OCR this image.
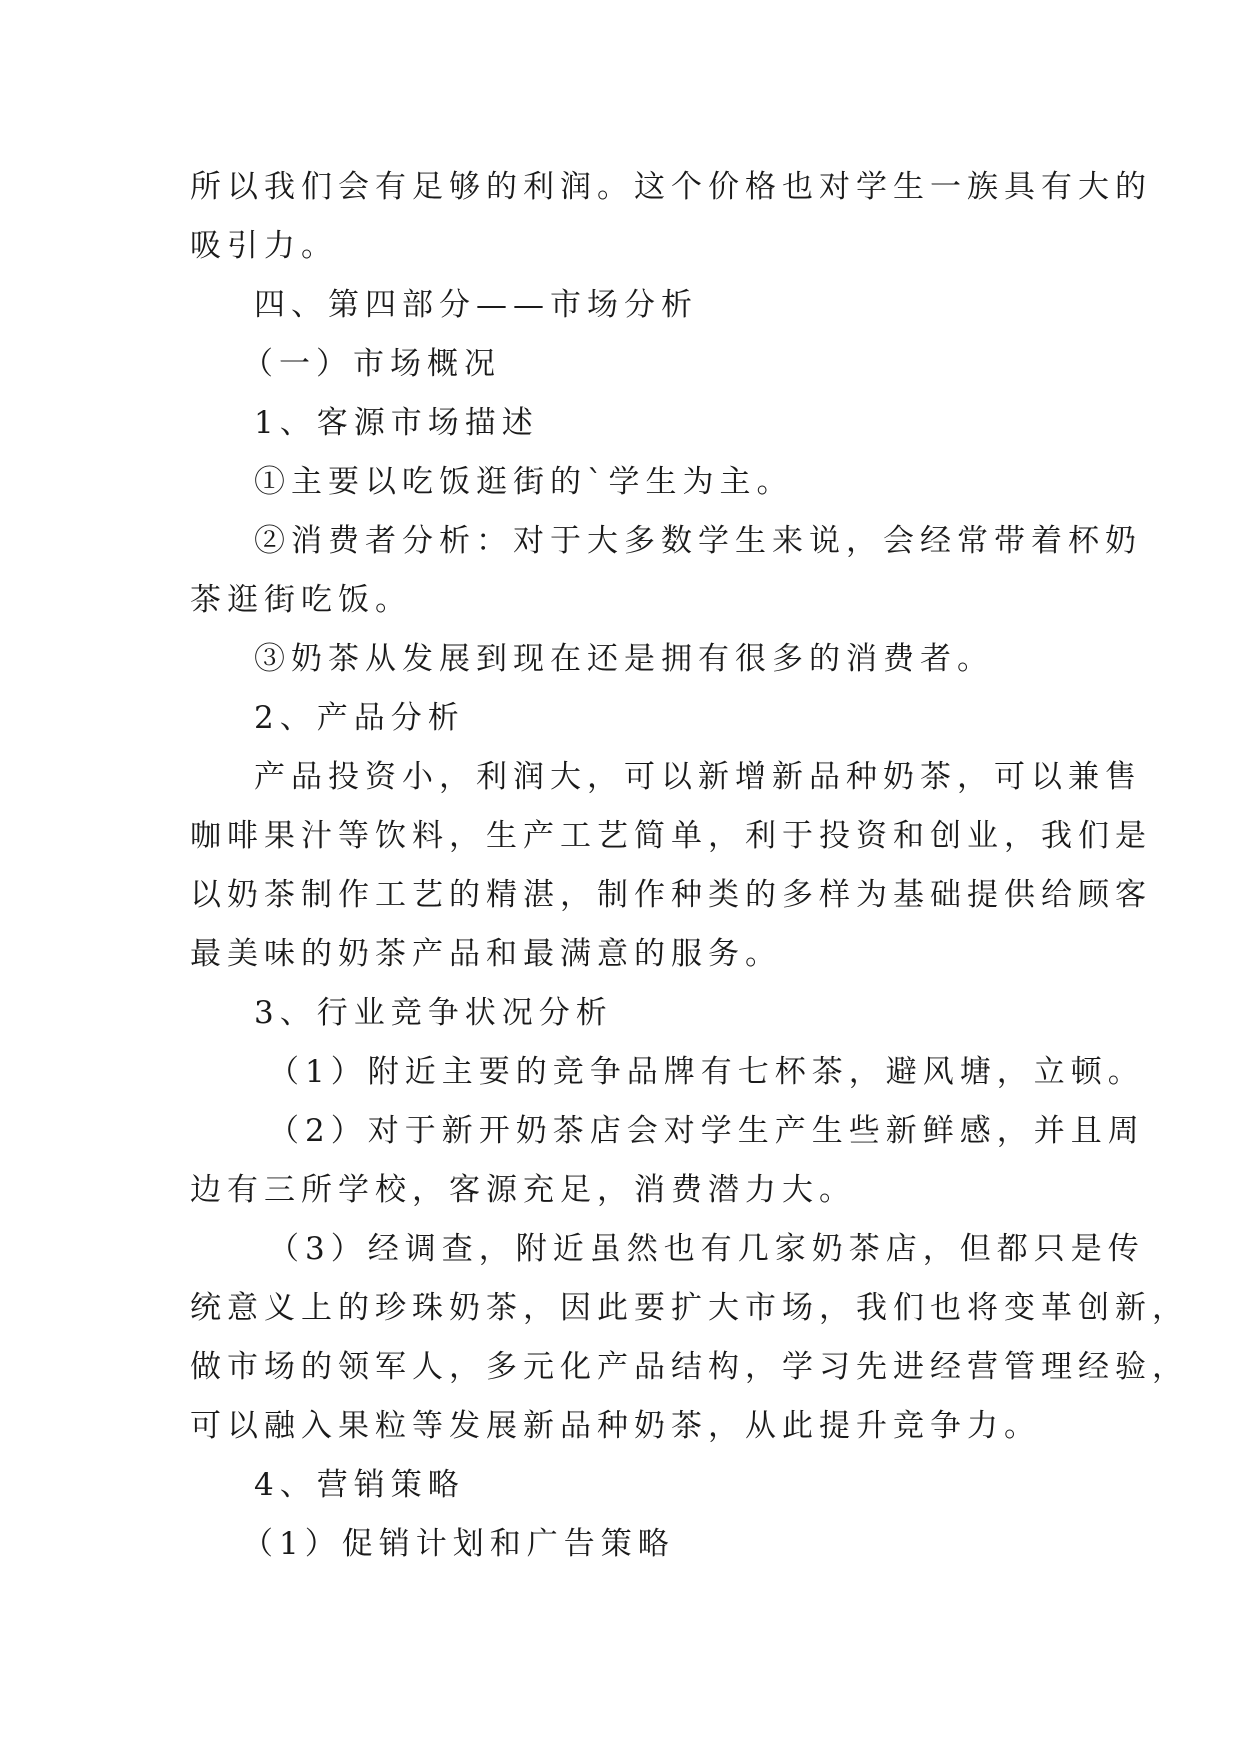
所以我们会有足够的利润。这个价格也对学生一族具有大的
吸引力。
四、第四部分——市场分析
（一）市场概况
1、客源市场描述
①主要以吃饭逛街的`学生为主。
②消费者分析：对于大多数学生来说，会经常带着杯奶
茶逛街吃饭。
③奶茶从发展到现在还是拥有很多的消费者。
2、产品分析
产品投资小，利润大，可以新增新品种奶茶，可以兼售
咖啡果汁等饮料，生产工艺简单，利于投资和创业，我们是
以奶茶制作工艺的精湛，制作种类的多样为基础提供给顾客
最美味的奶茶产品和最满意的服务。
3、行业竞争状况分析
（1）附近主要的竞争品牌有七杯茶，避风塘，立顿。
（2）对于新开奶茶店会对学生产生些新鲜感，并且周
边有三所学校，客源充足，消费潜力大。
（3）经调查，附近虽然也有几家奶茶店，但都只是传
统意义上的珍珠奶茶，因此要扩大市场，我们也将变革创新，
做市场的领军人，多元化产品结构，学习先进经营管理经验，
可以融入果粒等发展新品种奶茶，从此提升竞争力。
4、营销策略
（1）促销计划和广告策略
